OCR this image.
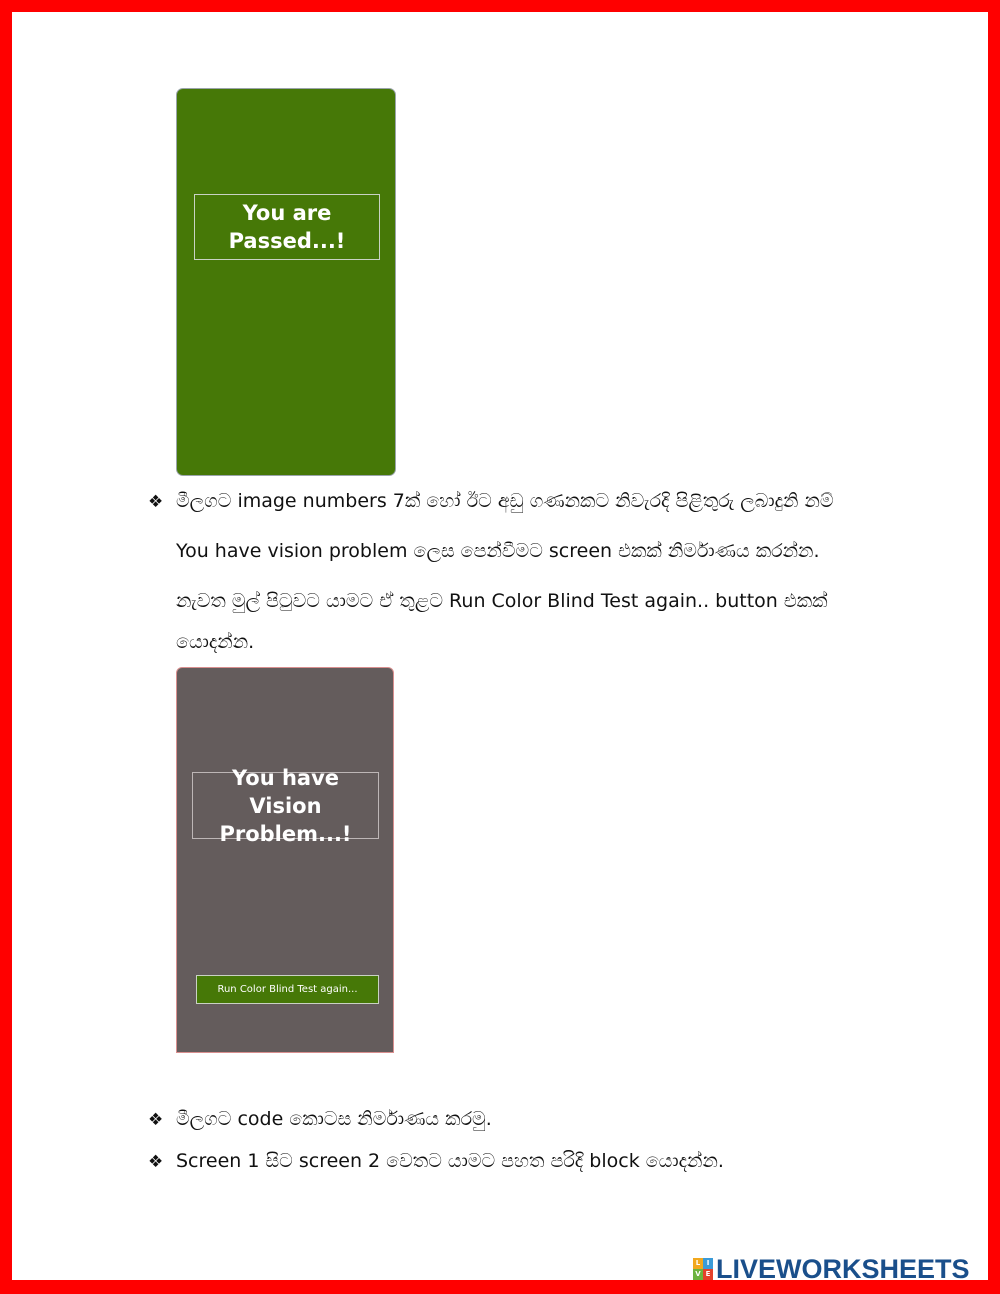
You are
Passed...!
❖ මීලගට image numbers 7ක් හෝ ඊට අඩු ගණනකට නිවැරදි පිළිතුරු ලබාදුනි නම්
You have vision problem ලෙස පෙන්වීමට screen එකක් නිර්මාණය කරන්න.
නැවත මුල් පිටුවට යාමට ඒ තුළට Run Color Blind Test again.. button එකක්
යොදන්න.
You have Vision
Problem...!
Run Color Blind Test again...
❖ මීලගට code කොටස නිර්මාණය කරමු.
❖ Screen 1 සිට screen 2 වෙතට යාමට පහත පරිදි block යොදන්න.
L I
V E LIVEWORKSHEETS
